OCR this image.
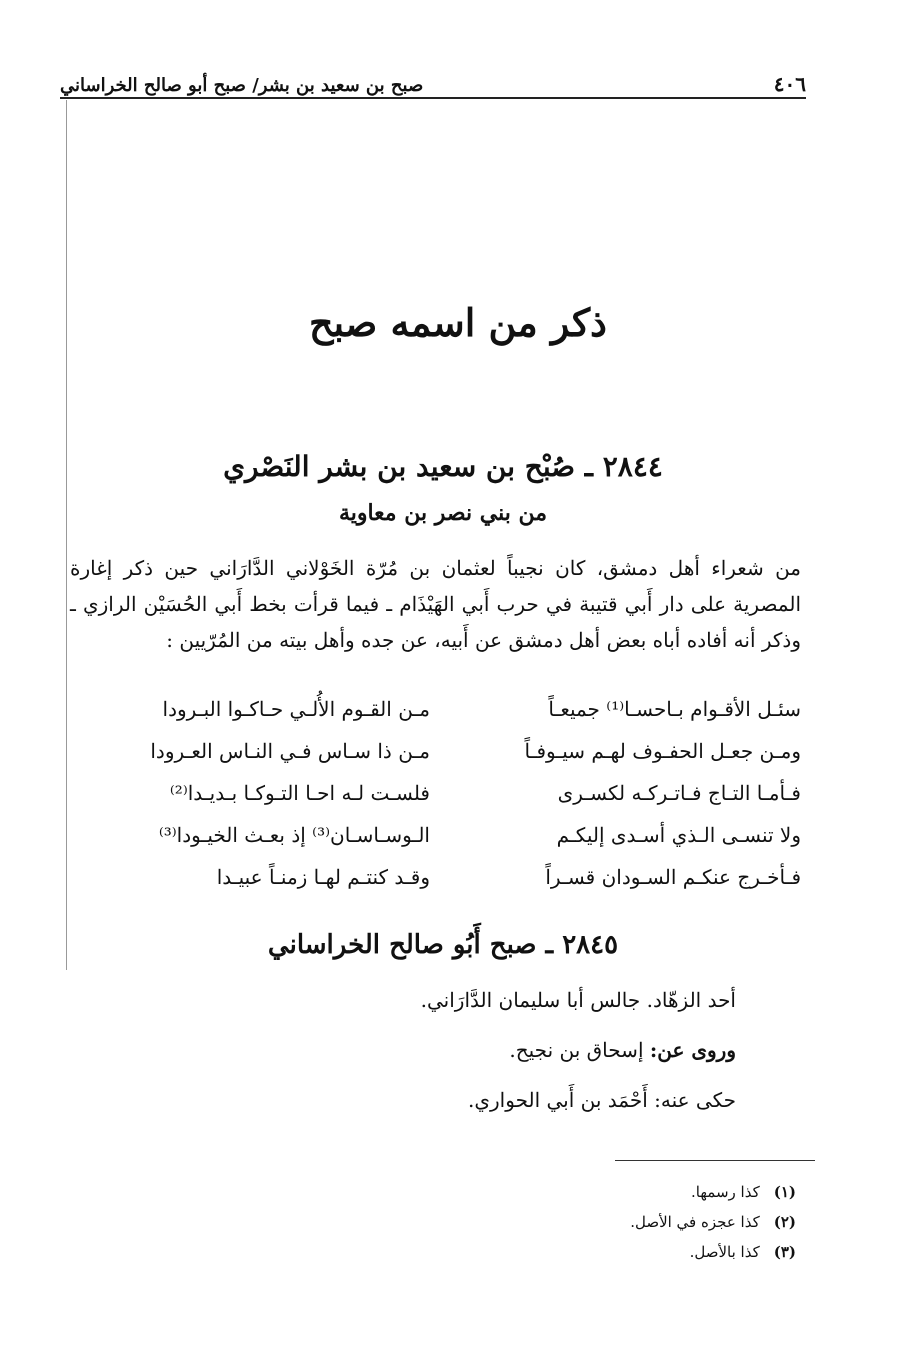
صبح بن سعيد بن بشر/ صبح أبو صالح الخراساني	٤٠٦
ذكر من اسمه صبح
٢٨٤٤ ـ صُبْح بن سعيد بن بشر النَصْري
من بني نصر بن معاوية
من شعراء أهل دمشق، كان نجيباً لعثمان بن مُرّة الخَوْلاني الدَّارَاني حين ذكر إغارة المصرية على دار أَبي قتيبة في حرب أَبي الهَيْذَام ـ فيما قرأت بخط أَبي الحُسَيْن الرازي ـ وذكر أنه أفاده أباه بعض أهل دمشق عن أَبيه، عن جده وأهل بيته من المُرّيين :
سئـل الأقـوام بـاحسـا⁽¹⁾ جميعـاً
مـن القـوم الأُلـي حـاكـوا البـرودا
ومـن جعـل الحفـوف لهـم سيـوفـاً
مـن ذا سـاس فـي النـاس العـرودا
فـأمـا التـاج فـاتـركـه لكسـرى
فلسـت لـه احـا التـوكـا بـديـدا⁽²⁾
ولا تنسـى الـذي أسـدى إليكـم
الـوسـاسـان⁽³⁾ إذ بعـث الخيـودا⁽³⁾
فـأخـرج عنكـم السـودان قسـراً
وقـد كنتـم لهـا زمنـاً عبيـدا
٢٨٤٥ ـ صبح أَبُو صالح الخراساني
أحد الزهّاد. جالس أبا سليمان الدَّارَاني.
وروى عن: إسحاق بن نجيح.
حكى عنه: أَحْمَد بن أَبي الحواري.
(١)
كذا رسمها.
(٢)
كذا عجزه في الأصل.
(٣)
كذا بالأصل.
